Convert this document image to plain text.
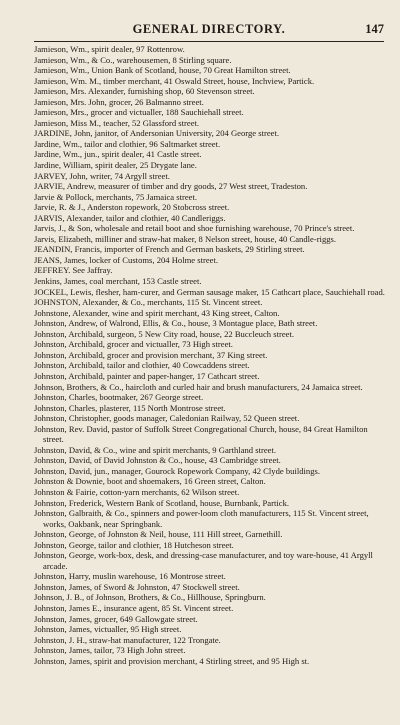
GENERAL DIRECTORY.	147
Jamieson, Wm., spirit dealer, 97 Rottenrow.
Jamieson, Wm., & Co., warehousemen, 8 Stirling square.
Jamieson, Wm., Union Bank of Scotland, house, 70 Great Hamilton street.
Jamieson, Wm. M., timber merchant, 41 Oswald Street, house, Inchview, Partick.
Jamieson, Mrs. Alexander, furnishing shop, 60 Stevenson street.
Jamieson, Mrs. John, grocer, 26 Balmanno street.
Jamieson, Mrs., grocer and victualler, 188 Sauchiehall street.
Jamieson, Miss M., teacher, 52 Glassford street.
JARDINE, John, janitor, of Andersonian University, 204 George street.
Jardine, Wm., tailor and clothier, 96 Saltmarket street.
Jardine, Wm., jun., spirit dealer, 41 Castle street.
Jardine, William, spirit dealer, 25 Drygate lane.
JARVEY, John, writer, 74 Argyll street.
JARVIE, Andrew, measurer of timber and dry goods, 27 West street, Tradeston.
Jarvie & Pollock, merchants, 75 Jamaica street.
Jarvie, R. & J., Anderston ropework, 20 Stobcross street.
JARVIS, Alexander, tailor and clothier, 40 Candleriggs.
Jarvis, J., & Son, wholesale and retail boot and shoe furnishing warehouse, 70 Prince's street.
Jarvis, Elizabeth, milliner and straw-hat maker, 8 Nelson street, house, 40 Candle-riggs.
JEANDIN, Francis, importer of French and German baskets, 29 Stirling street.
JEANS, James, locker of Customs, 204 Holme street.
JEFFREY. See Jaffray.
Jenkins, James, coal merchant, 153 Castle street.
JOCKEL, Lewis, flesher, ham-curer, and German sausage maker, 15 Cathcart place, Sauchiehall road.
JOHNSTON, Alexander, & Co., merchants, 115 St. Vincent street.
Johnstone, Alexander, wine and spirit merchant, 43 King street, Calton.
Johnston, Andrew, of Walrond, Ellis, & Co., house, 3 Montague place, Bath street.
Johnston, Archibald, surgeon, 5 New City road, house, 22 Buccleuch street.
Johnston, Archibald, grocer and victualler, 73 High street.
Johnston, Archibald, grocer and provision merchant, 37 King street.
Johnston, Archibald, tailor and clothier, 40 Cowcaddens street.
Johnston, Archibald, painter and paper-hanger, 17 Cathcart street.
Johnson, Brothers, & Co., haircloth and curled hair and brush manufacturers, 24 Jamaica street.
Johnston, Charles, bootmaker, 267 George street.
Johnston, Charles, plasterer, 115 North Montrose street.
Johnston, Christopher, goods manager, Caledonian Railway, 52 Queen street.
Johnston, Rev. David, pastor of Suffolk Street Congregational Church, house, 84 Great Hamilton street.
Johnston, David, & Co., wine and spirit merchants, 9 Garthland street.
Johnston, David, of David Johnston & Co., house, 43 Cambridge street.
Johnston, David, jun., manager, Gourock Ropework Company, 42 Clyde buildings.
Johnston & Downie, boot and shoemakers, 16 Green street, Calton.
Johnston & Fairie, cotton-yarn merchants, 62 Wilson street.
Johnston, Frederick, Western Bank of Scotland, house, Burnbank, Partick.
Johnston, Galbraith, & Co., spinners and power-loom cloth manufacturers, 115 St. Vincent street, works, Oakbank, near Springbank.
Johnston, George, of Johnston & Neil, house, 111 Hill street, Garnethill.
Johnston, George, tailor and clothier, 18 Hutcheson street.
Johnston, George, work-box, desk, and dressing-case manufacturer, and toy ware-house, 41 Argyll arcade.
Johnston, Harry, muslin warehouse, 16 Montrose street.
Johnston, James, of Sword & Johnston, 47 Stockwell street.
Johnson, J. B., of Johnson, Brothers, & Co., Hillhouse, Springburn.
Johnston, James E., insurance agent, 85 St. Vincent street.
Johnston, James, grocer, 649 Gallowgate street.
Johnston, James, victualler, 95 High street.
Johnston, J. H., straw-hat manufacturer, 122 Trongate.
Johnston, James, tailor, 73 High John street.
Johnston, James, spirit and provision merchant, 4 Stirling street, and 95 High st.
